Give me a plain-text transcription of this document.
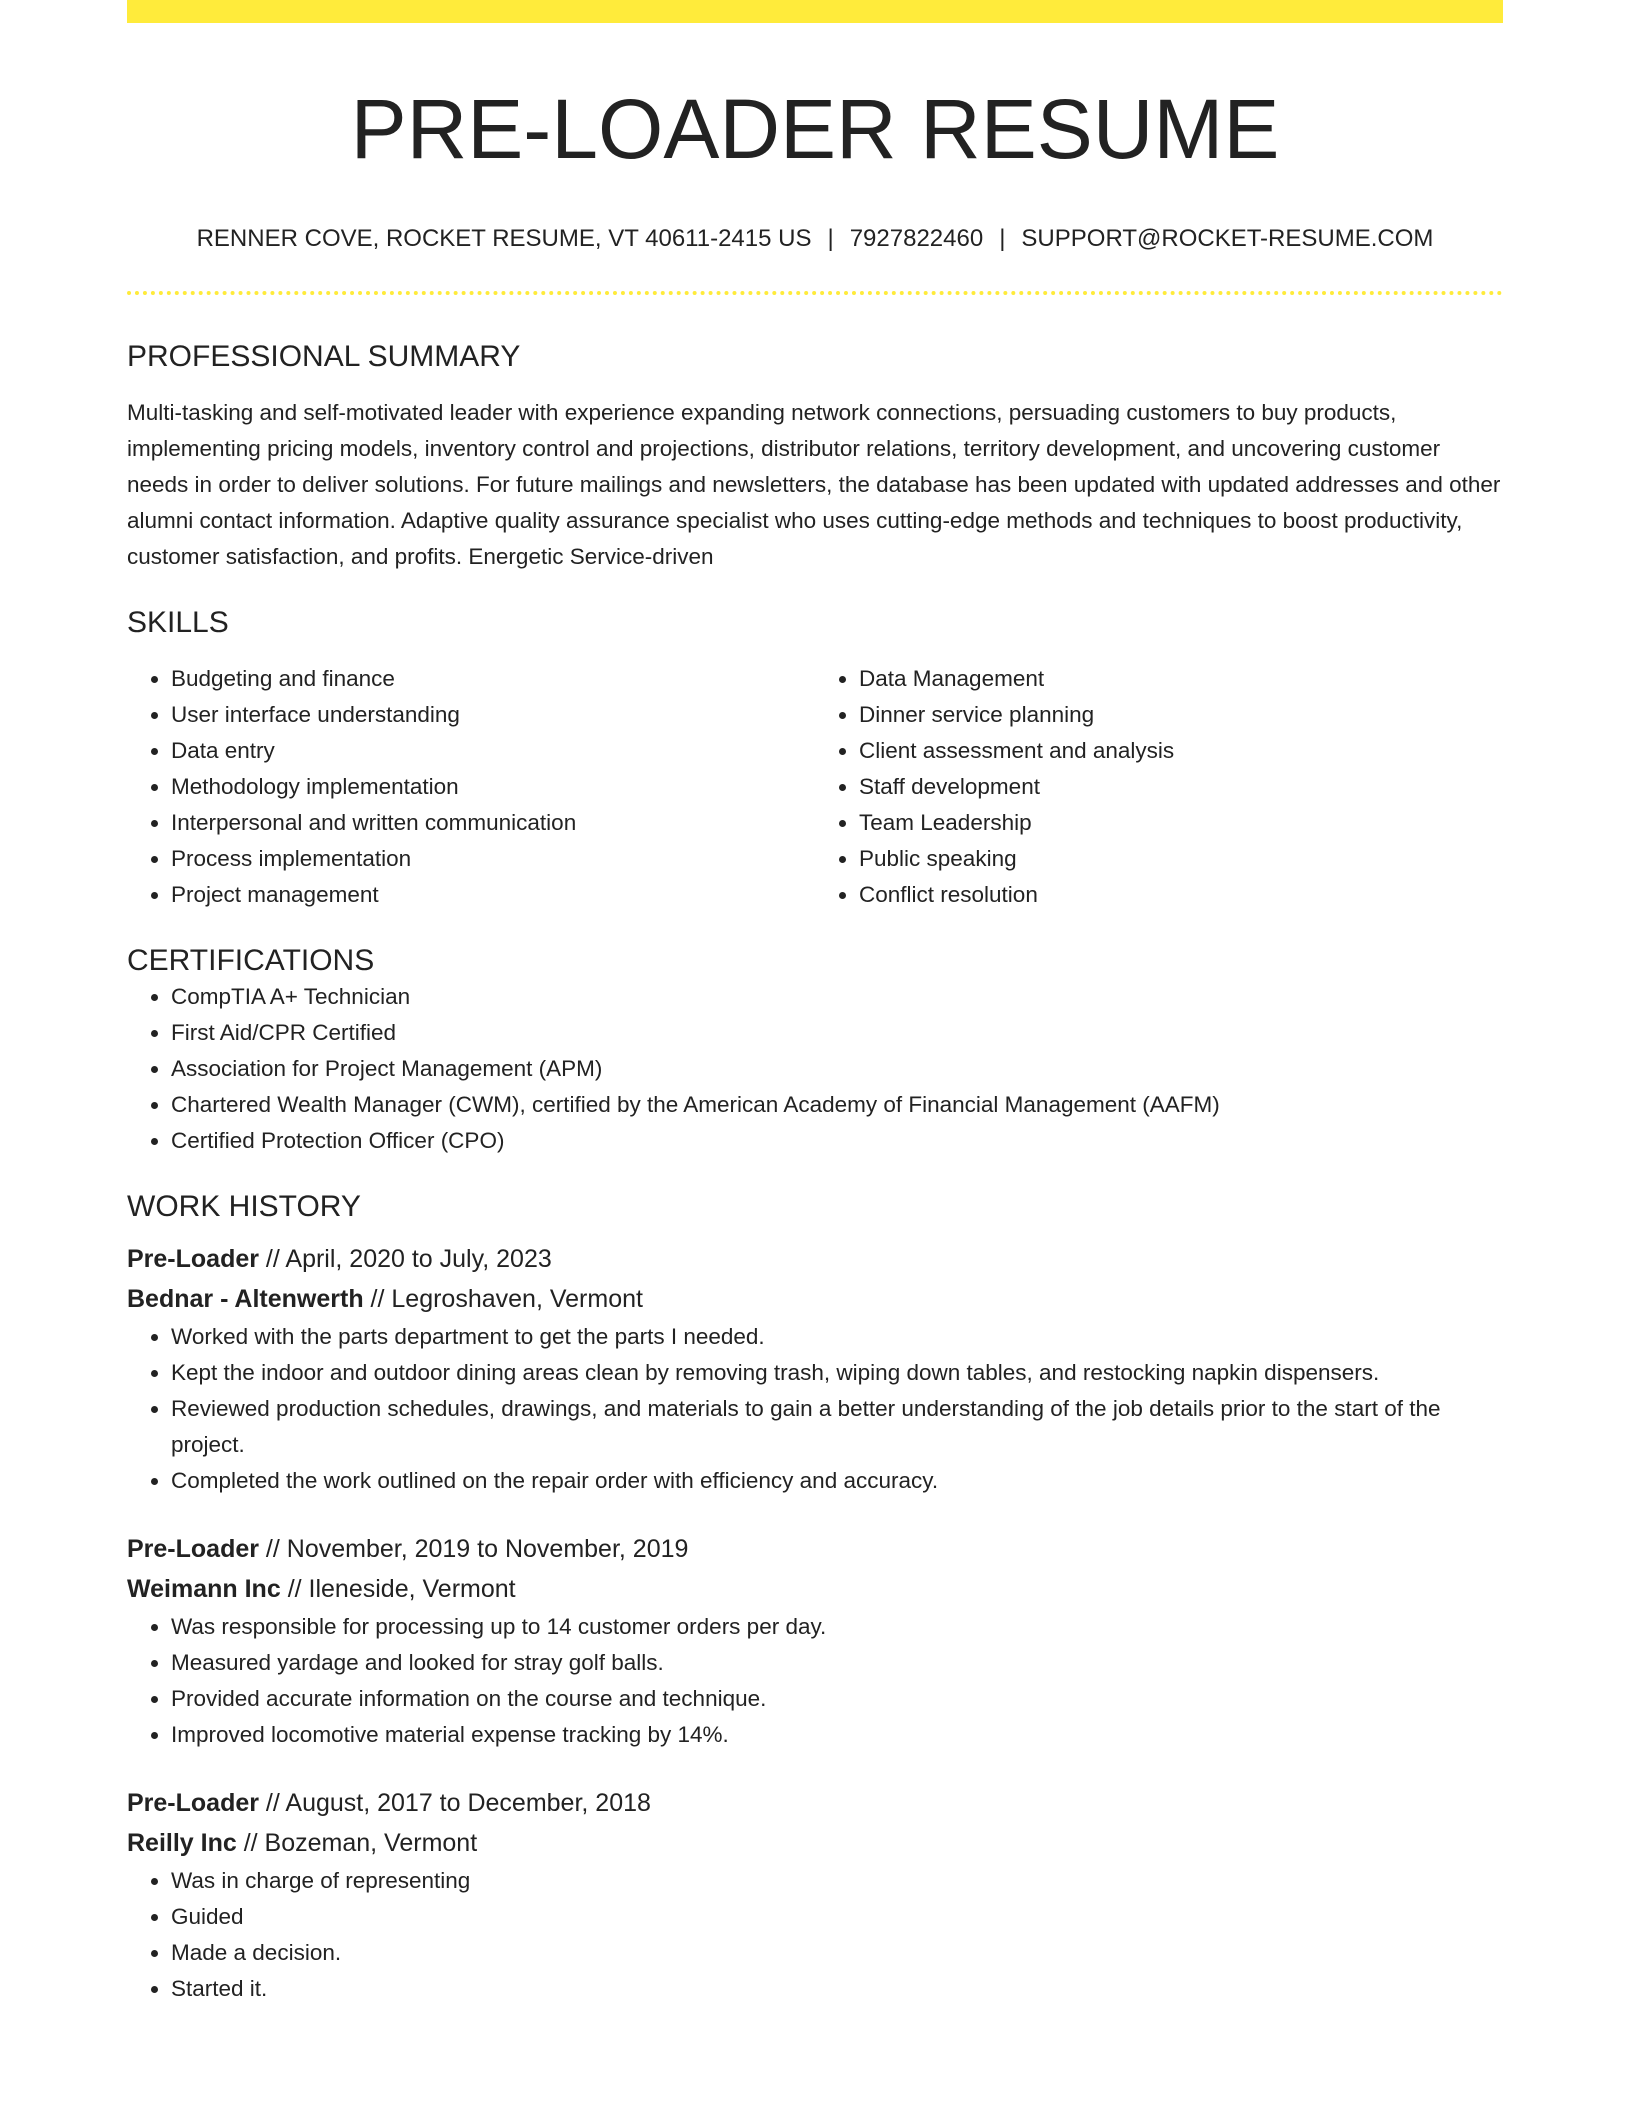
PRE-LOADER RESUME
RENNER COVE, ROCKET RESUME, VT 40611-2415 US | 7927822460 | SUPPORT@ROCKET-RESUME.COM
PROFESSIONAL SUMMARY

Multi-tasking and self-motivated leader with experience expanding network connections, persuading customers to buy products, implementing pricing models, inventory control and projections, distributor relations, territory development, and uncovering customer needs in order to deliver solutions. For future mailings and newsletters, the database has been updated with updated addresses and other alumni contact information. Adaptive quality assurance specialist who uses cutting-edge methods and techniques to boost productivity, customer satisfaction, and profits. Energetic Service-driven

SKILLS
• Budgeting and finance
• User interface understanding
• Data entry
• Methodology implementation
• Interpersonal and written communication
• Process implementation
• Project management
• Data Management
• Dinner service planning
• Client assessment and analysis
• Staff development
• Team Leadership
• Public speaking
• Conflict resolution
CERTIFICATIONS
• CompTIA A+ Technician
• First Aid/CPR Certified
• Association for Project Management (APM)
• Chartered Wealth Manager (CWM), certified by the American Academy of Financial Management (AAFM)
• Certified Protection Officer (CPO)
WORK HISTORY
Pre-Loader // April, 2020 to July, 2023
Bednar - Altenwerth // Legroshaven, Vermont
• Worked with the parts department to get the parts I needed.
• Kept the indoor and outdoor dining areas clean by removing trash, wiping down tables, and restocking napkin dispensers.
• Reviewed production schedules, drawings, and materials to gain a better understanding of the job details prior to the start of the project.
• Completed the work outlined on the repair order with efficiency and accuracy.
Pre-Loader // November, 2019 to November, 2019
Weimann Inc // Ileneside, Vermont
• Was responsible for processing up to 14 customer orders per day.
• Measured yardage and looked for stray golf balls.
• Provided accurate information on the course and technique.
• Improved locomotive material expense tracking by 14%.
Pre-Loader // August, 2017 to December, 2018
Reilly Inc // Bozeman, Vermont
• Was in charge of representing
• Guided
• Made a decision.
• Started it.
